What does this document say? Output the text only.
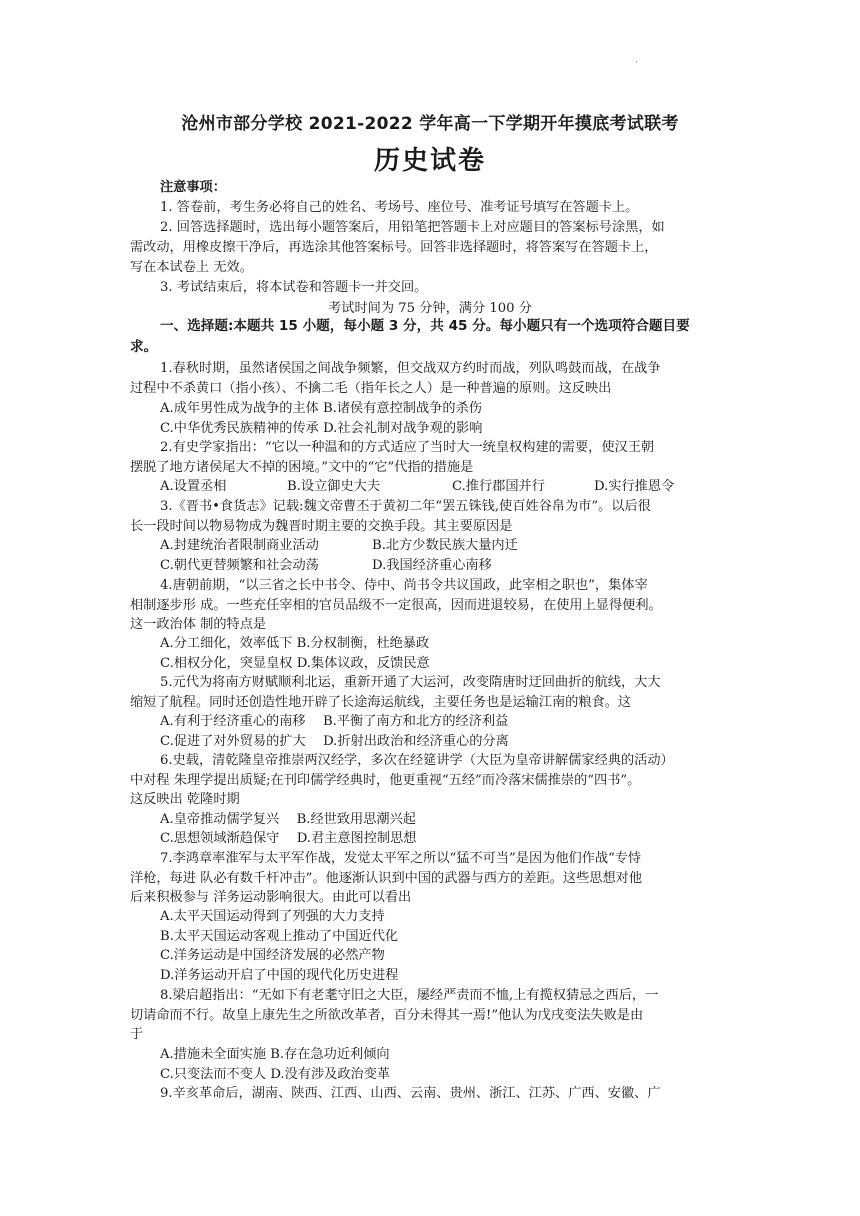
·
沧州市部分学校 2021-2022 学年高一下学期开年摸底考试联考
历史试卷
注意事项：
1. 答卷前，考生务必将自己的姓名、考场号、座位号、准考证号填写在答题卡上。
2. 回答选择题时，选出每小题答案后，用铅笔把答题卡上对应题目的答案标号涂黑，如
需改动，用橡皮擦干净后，再选涂其他答案标号。回答非选择题时，将答案写在答题卡上，
写在本试卷上 无效。
3. 考试结束后，将本试卷和答题卡一并交回。
考试时间为 75 分钟，满分 100 分
一、选择题:本题共 15 小题，每小题 3 分，共 45 分。每小题只有一个选项符合题目要
求。
1.春秋时期，虽然诸侯国之间战争频繁，但交战双方约时而战，列队鸣鼓而战，在战争
过程中不杀黄口（指小孩）、不擒二毛（指年长之人）是一种普遍的原则。这反映出
A.成年男性成为战争的主体 B.诸侯有意控制战争的杀伤
C.中华优秀民族精神的传承 D.社会礼制对战争观的影响
2.有史学家指出：“它以一种温和的方式适应了当时大一统皇权构建的需要，使汉王朝
摆脱了地方诸侯尾大不掉的困境。”文中的“它”代指的措施是
A.设置丞相	B.设立御史大夫	C.推行郡国并行	D.实行推恩令
3.《晋书•食货志》记载:魏文帝曹丕于黄初二年“罢五铢钱,使百姓谷帛为市”。以后很
长一段时间以物易物成为魏晋时期主要的交换手段。其主要原因是
A.封建统治者限制商业活动	B.北方少数民族大量内迁
C.朝代更替频繁和社会动荡	D.我国经济重心南移
4.唐朝前期，“以三省之长中书令、侍中、尚书令共议国政，此宰相之职也”，集体宰
相制逐步形 成。一些充任宰相的官员品级不一定很高，因而进退较易，在使用上显得便利。
这一政治体 制的特点是
A.分工细化，效率低下 B.分权制衡，杜绝暴政
C.相权分化，突显皇权 D.集体议政，反馈民意
5.元代为将南方财赋顺利北运，重新开通了大运河，改变隋唐时迂回曲折的航线，大大
缩短了航程。同时还创造性地开辟了长途海运航线，主要任务也是运输江南的粮食。这
A.有利于经济重心的南移　 B.平衡了南方和北方的经济利益
C.促进了对外贸易的扩大　 D.折射出政治和经济重心的分离
6.史载，清乾隆皇帝推崇两汉经学，多次在经筵讲学（大臣为皇帝讲解儒家经典的活动）
中对程 朱理学提出质疑;在刊印儒学经典时，他更重视“五经”而冷落宋儒推崇的“四书”。
这反映出 乾隆时期
A.皇帝推动儒学复兴　 B.经世致用思潮兴起
C.思想领域渐趋保守　 D.君主意图控制思想
7.李鸿章率淮军与太平军作战，发觉太平军之所以“猛不可当”是因为他们作战“专恃
洋枪，每进 队必有数千杆冲击”。他逐渐认识到中国的武器与西方的差距。这些思想对他
后来积极参与 洋务运动影响很大。由此可以看出
A.太平天国运动得到了列强的大力支持
B.太平天国运动客观上推动了中国近代化
C.洋务运动是中国经济发展的必然产物
D.洋务运动开启了中国的现代化历史进程
8.梁启超指出：“无如下有老耄守旧之大臣，屡经严责而不恤,上有揽权猜忌之西后，一
切请命而不行。故皇上康先生之所欲改革者，百分未得其一焉!”他认为戊戌变法失败是由
于
A.措施未全面实施 B.存在急功近利倾向
C.只变法而不变人 D.没有涉及政治变革
9.辛亥革命后，湖南、陕西、江西、山西、云南、贵州、浙江、江苏、广西、安徽、广
